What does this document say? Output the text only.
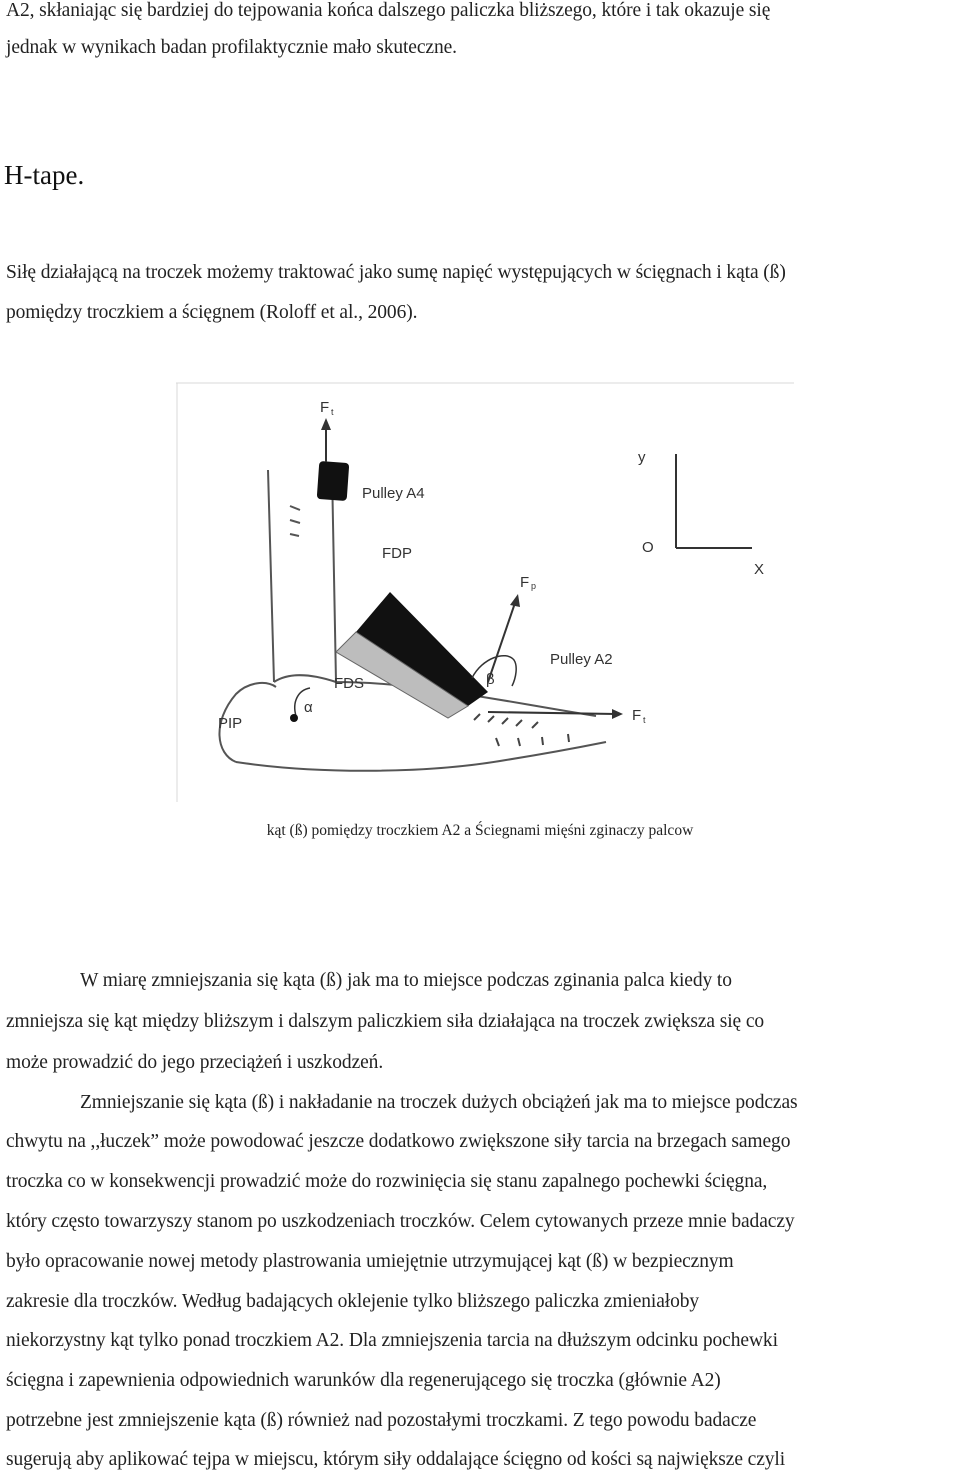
A2, skłaniając się bardziej do tejpowania końca dalszego paliczka bliższego, które i tak okazuje się
jednak w wynikach badan profilaktycznie mało skuteczne.
H-tape.
Siłę działającą na troczek możemy traktować jako sumę napięć występujących w ścięgnach i kąta (ß)
pomiędzy troczkiem a ścięgnem (Roloff et al., 2006).
F t
Pulley A4
FDP
F p
Pulley A2
FDS	β
α
PIP	F t
y
O
X
kąt (ß) pomiędzy troczkiem A2 a Ściegnami mięśni zginaczy palcow
W miarę zmniejszania się kąta (ß) jak ma to miejsce podczas zginania palca kiedy to
zmniejsza się kąt między bliższym i dalszym paliczkiem siła działająca na troczek zwiększa się co
może prowadzić do jego przeciążeń i uszkodzeń.
Zmniejszanie się kąta (ß) i nakładanie na troczek dużych obciążeń jak ma to miejsce podczas
chwytu na ,,łuczek” może powodować jeszcze dodatkowo zwiększone siły tarcia na brzegach samego
troczka co w konsekwencji prowadzić może do rozwinięcia się stanu zapalnego pochewki ścięgna,
który często towarzyszy stanom po uszkodzeniach troczków. Celem cytowanych przeze mnie badaczy
było opracowanie nowej metody plastrowania umiejętnie utrzymującej kąt (ß) w bezpiecznym
zakresie dla troczków. Według badających oklejenie tylko bliższego paliczka zmieniałoby
niekorzystny kąt tylko ponad troczkiem A2. Dla zmniejszenia tarcia na dłuższym odcinku pochewki
ścięgna i zapewnienia odpowiednich warunków dla regenerującego się troczka (głównie A2)
potrzebne jest zmniejszenie kąta (ß) również nad pozostałymi troczkami. Z tego powodu badacze
sugerują aby aplikować tejpa w miejscu, którym siły oddalające ścięgno od kości są największe czyli
